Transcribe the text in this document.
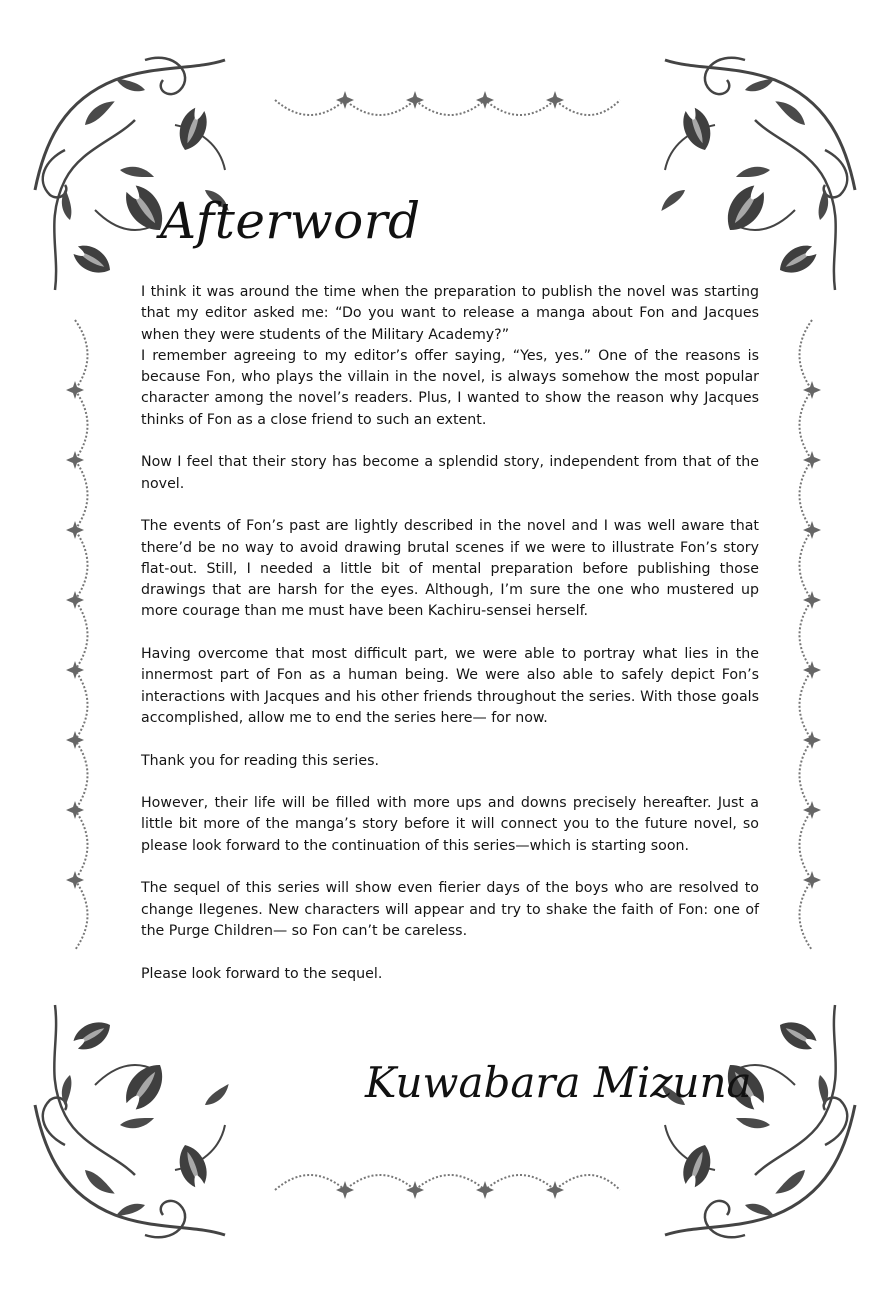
Afterword

I think it was around the time when the preparation to publish the novel was starting that my editor asked me: “Do you want to release a manga about Fon and Jacques when they were students of the Military Academy?”

I remember agreeing to my editor’s offer saying, “Yes, yes.” One of the reasons is because Fon, who plays the villain in the novel, is always somehow the most popular character among the novel’s readers. Plus, I wanted to show the reason why Jacques thinks of Fon as a close friend to such an extent.

Now I feel that their story has become a splendid story, independent from that of the novel.

The events of Fon’s past are lightly described in the novel and I was well aware that there’d be no way to avoid drawing brutal scenes if we were to illustrate Fon’s story flat-out. Still, I needed a little bit of mental preparation before publishing those drawings that are harsh for the eyes. Although, I’m sure the one who mustered up more courage than me must have been Kachiru-sensei herself.

Having overcome that most difficult part, we were able to portray what lies in the innermost part of Fon as a human being. We were also able to safely depict Fon’s interactions with Jacques and his other friends throughout the series. With those goals accomplished, allow me to end the series here— for now.

Thank you for reading this series.

However, their life will be filled with more ups and downs precisely hereafter. Just a little bit more of the manga’s story before it will connect you to the future novel, so please look forward to the continuation of this series—which is starting soon.

The sequel of this series will show even fierier days of the boys who are resolved to change Ilegenes. New characters will appear and try to shake the faith of Fon: one of the Purge Children— so Fon can’t be careless.

Please look forward to the sequel.

Kuwabara Mizuna
